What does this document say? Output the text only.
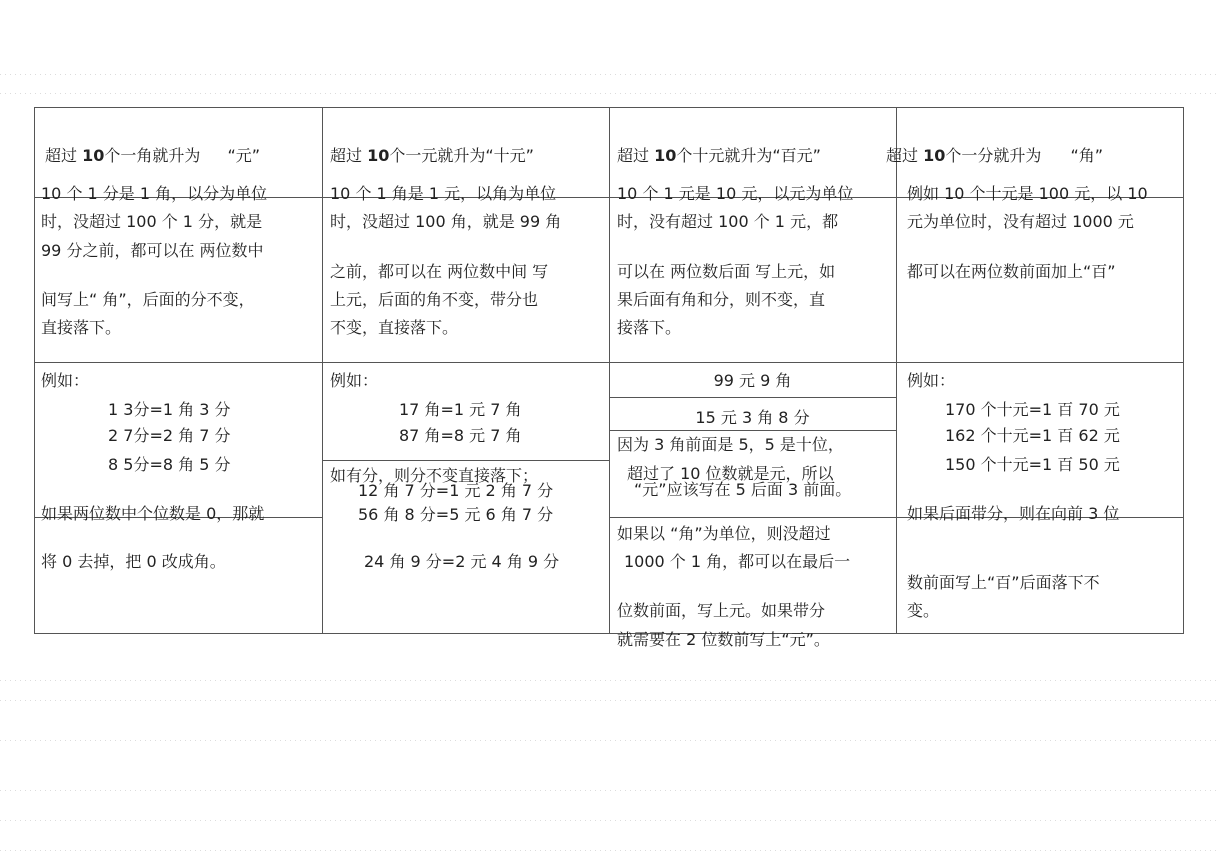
超过 10个一角就升为 “元”
10 个 1 分是 1 角，以分为单位
时，没超过 100 个 1 分，就是
99 分之前，都可以在 两位数中
间写上“ 角”，后面的分不变，
直接落下。
例如：
1 3分=1 角 3 分
2 7分=2 角 7 分
8 5分=8 角 5 分
如果两位数中个位数是 0，那就
将 0 去掉，把 0 改成角。
超过 10个一元就升为“十元”
10 个 1 角是 1 元，以角为单位
时，没超过 100 角，就是 99 角
之前，都可以在 两位数中间 写
上元，后面的角不变，带分也
不变，直接落下。
例如：
17 角=1 元 7 角
87 角=8 元 7 角
如有分，则分不变直接落下；
12 角 7 分=1 元 2 角 7 分
56 角 8 分=5 元 6 角 7 分
24 角 9 分=2 元 4 角 9 分
超过 10个十元就升为“百元”
10 个 1 元是 10 元，以元为单位
时，没有超过 100 个 1 元，都
可以在 两位数后面 写上元，如
果后面有角和分，则不变，直
接落下。
99 元 9 角
15 元 3 角 8 分
因为 3 角前面是 5，5 是十位，
超过了 10 位数就是元，所以
“元”应该写在 5 后面 3 前面。
如果以 “角”为单位，则没超过
1000 个 1 角，都可以在最后一
位数前面，写上元。如果带分
就需要在 2 位数前写上“元”。
超过 10个一分就升为 “角”
例如 10 个十元是 100 元，以 10
元为单位时，没有超过 1000 元
都可以在两位数前面加上“百”
例如：
170 个十元=1 百 70 元
162 个十元=1 百 62 元
150 个十元=1 百 50 元
如果后面带分，则在向前 3 位
数前面写上“百”后面落下不
变。
